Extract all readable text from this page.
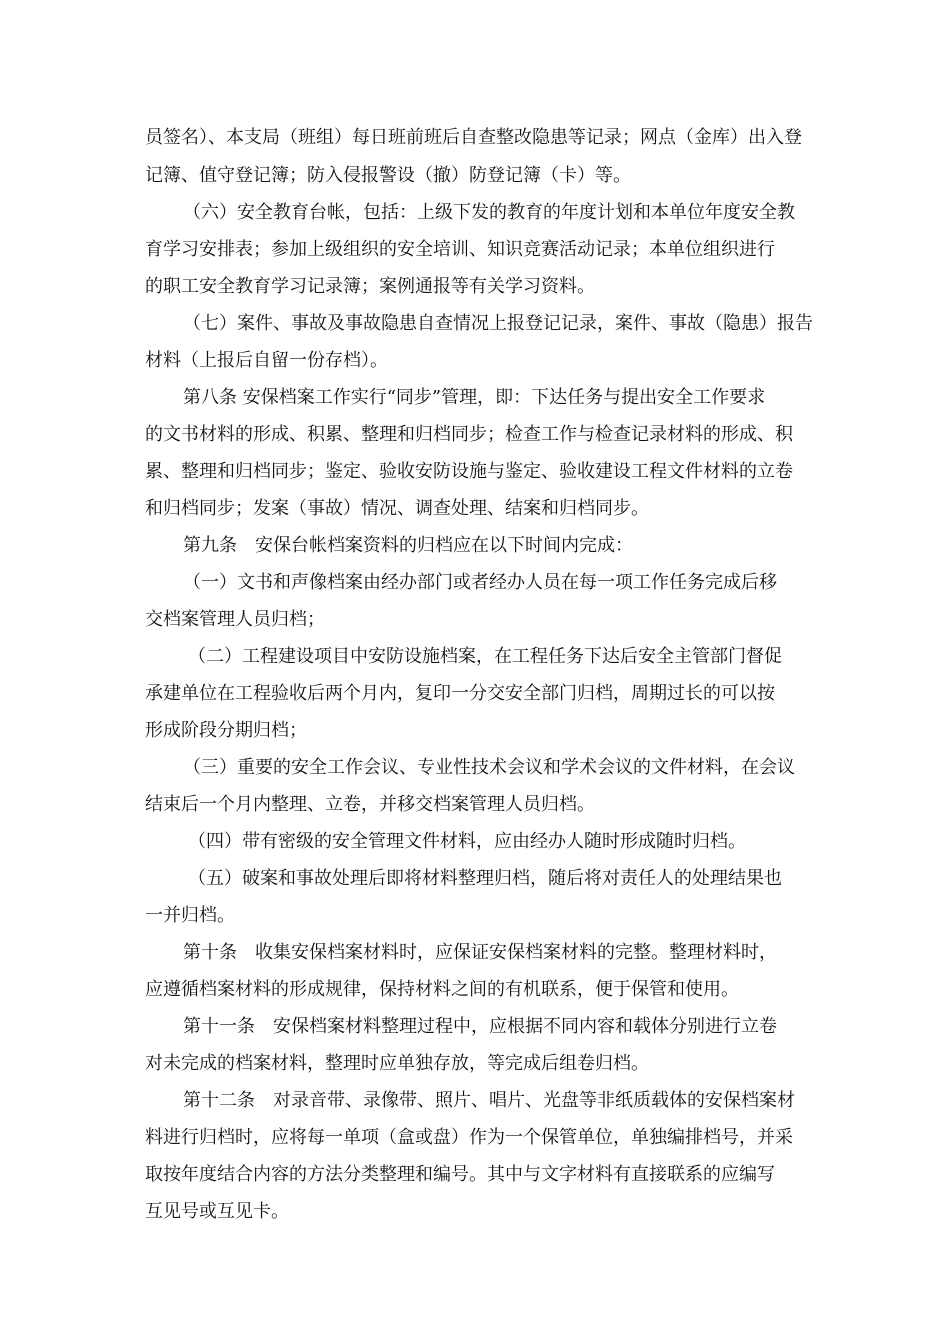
员签名）、本支局（班组）每日班前班后自查整改隐患等记录；网点（金库）出入登
记簿、值守登记簿；防入侵报警设（撤）防登记簿（卡）等。
（六）安全教育台帐，包括：上级下发的教育的年度计划和本单位年度安全教
育学习安排表；参加上级组织的安全培训、知识竞赛活动记录；本单位组织进行
的职工安全教育学习记录簿；案例通报等有关学习资料。
（七）案件、事故及事故隐患自查情况上报登记记录，案件、事故（隐患）报告
材料（上报后自留一份存档）。
第八条 安保档案工作实行“同步”管理，即：下达任务与提出安全工作要求
的文书材料的形成、积累、整理和归档同步；检查工作与检查记录材料的形成、积
累、整理和归档同步；鉴定、验收安防设施与鉴定、验收建设工程文件材料的立卷
和归档同步；发案（事故）情况、调查处理、结案和归档同步。
第九条　安保台帐档案资料的归档应在以下时间内完成：
（一）文书和声像档案由经办部门或者经办人员在每一项工作任务完成后移
交档案管理人员归档；
（二）工程建设项目中安防设施档案，在工程任务下达后安全主管部门督促
承建单位在工程验收后两个月内，复印一分交安全部门归档，周期过长的可以按
形成阶段分期归档；
（三）重要的安全工作会议、专业性技术会议和学术会议的文件材料，在会议
结束后一个月内整理、立卷，并移交档案管理人员归档。
（四）带有密级的安全管理文件材料，应由经办人随时形成随时归档。
（五）破案和事故处理后即将材料整理归档，随后将对责任人的处理结果也
一并归档。
第十条　收集安保档案材料时，应保证安保档案材料的完整。整理材料时，
应遵循档案材料的形成规律，保持材料之间的有机联系，便于保管和使用。
第十一条　安保档案材料整理过程中，应根据不同内容和载体分别进行立卷
对未完成的档案材料，整理时应单独存放，等完成后组卷归档。
第十二条　对录音带、录像带、照片、唱片、光盘等非纸质载体的安保档案材
料进行归档时，应将每一单项（盒或盘）作为一个保管单位，单独编排档号，并采
取按年度结合内容的方法分类整理和编号。其中与文字材料有直接联系的应编写
互见号或互见卡。
